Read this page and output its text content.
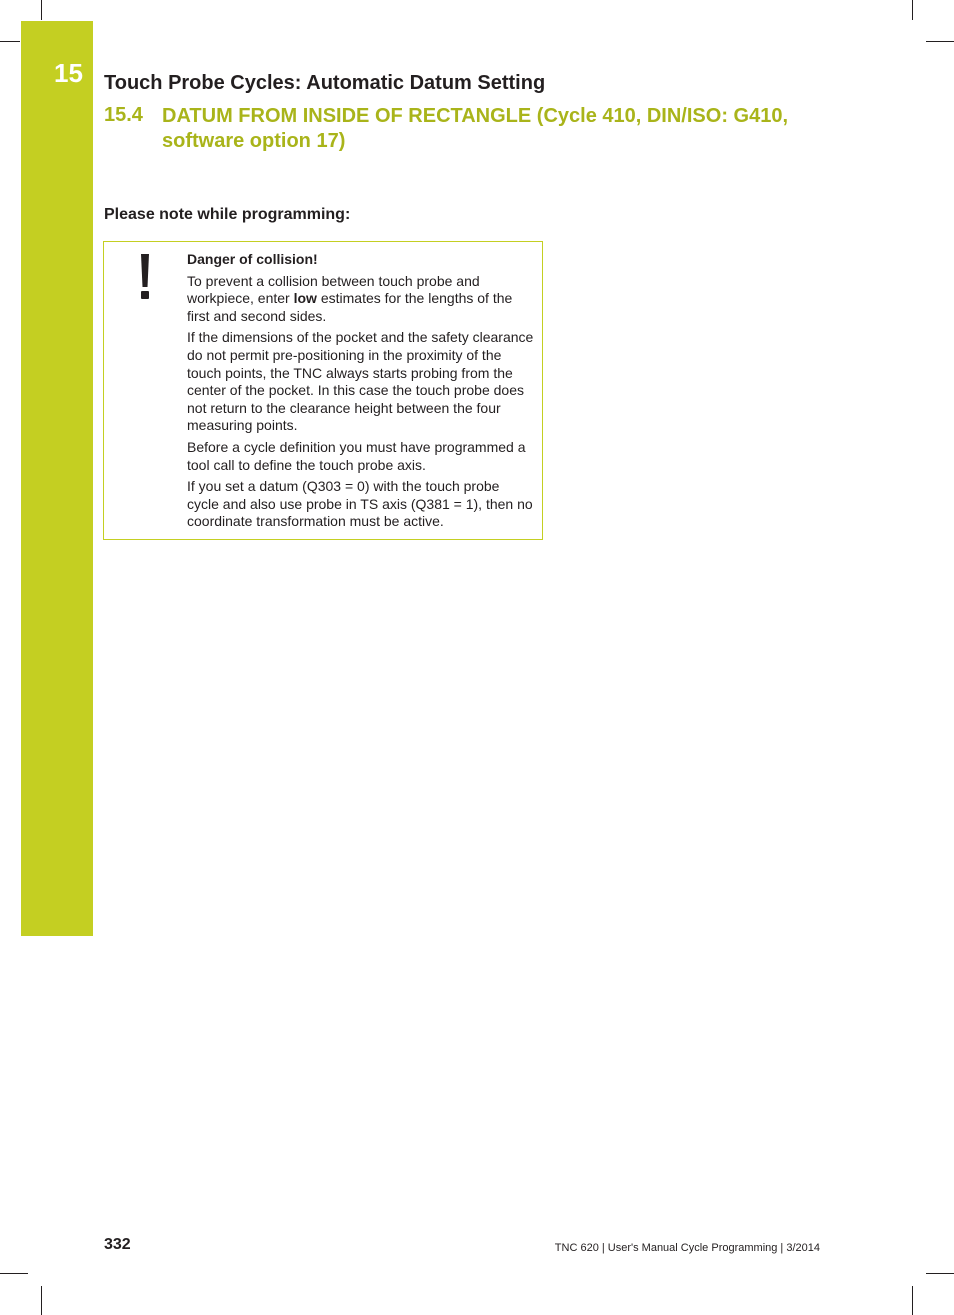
15 Touch Probe Cycles: Automatic Datum Setting
15.4 DATUM FROM INSIDE OF RECTANGLE (Cycle 410, DIN/ISO: G410, software option 17)
Please note while programming:

Danger of collision!

To prevent a collision between touch probe and workpiece, enter low estimates for the lengths of the first and second sides.

If the dimensions of the pocket and the safety clearance do not permit pre-positioning in the proximity of the touch points, the TNC always starts probing from the center of the pocket. In this case the touch probe does not return to the clearance height between the four measuring points.

Before a cycle definition you must have programmed a tool call to define the touch probe axis.

If you set a datum (Q303 = 0) with the touch probe cycle and also use probe in TS axis (Q381 = 1), then no coordinate transformation must be active.

332	TNC 620 | User's Manual Cycle Programming | 3/2014
